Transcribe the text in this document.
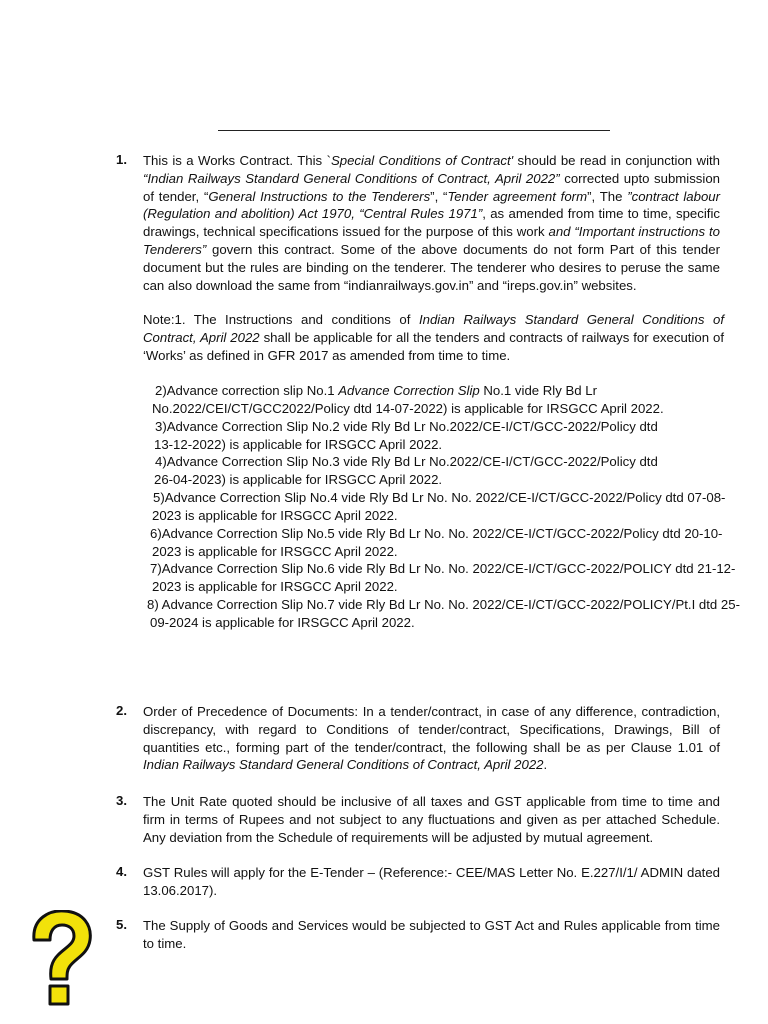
1. This is a Works Contract. This `Special Conditions of Contract' should be read in conjunction with “Indian Railways Standard General Conditions of Contract, April 2022” corrected upto submission of tender, “General Instructions to the Tenderers”, “Tender agreement form”, The ”contract labour (Regulation and abolition) Act 1970, “Central Rules 1971”, as amended from time to time, specific drawings, technical specifications issued for the purpose of this work and “Important instructions to Tenderers” govern this contract. Some of the above documents do not form Part of this tender document but the rules are binding on the tenderer. The tenderer who desires to peruse the same can also download the same from “indianrailways.gov.in” and “ireps.gov.in” websites.
Note:1. The Instructions and conditions of Indian Railways Standard General Conditions of Contract, April 2022 shall be applicable for all the tenders and contracts of railways for execution of ‘Works’ as defined in GFR 2017 as amended from time to time.
2)Advance correction slip No.1 Advance Correction Slip No.1 vide Rly Bd Lr
No.2022/CEI/CT/GCC2022/Policy dtd 14-07-2022) is applicable for IRSGCC April 2022.
3)Advance Correction Slip No.2 vide Rly Bd Lr No.2022/CE-I/CT/GCC-2022/Policy dtd
13-12-2022) is applicable for IRSGCC April 2022.
4)Advance Correction Slip No.3 vide Rly Bd Lr No.2022/CE-I/CT/GCC-2022/Policy dtd
26-04-2023) is applicable for IRSGCC April 2022.
5)Advance Correction Slip No.4 vide Rly Bd Lr No. No. 2022/CE-I/CT/GCC-2022/Policy dtd 07-08-
2023 is applicable for IRSGCC April 2022.
6)Advance Correction Slip No.5 vide Rly Bd Lr No. No. 2022/CE-I/CT/GCC-2022/Policy dtd 20-10-
2023 is applicable for IRSGCC April 2022.
7)Advance Correction Slip No.6 vide Rly Bd Lr No. No. 2022/CE-I/CT/GCC-2022/POLICY dtd 21-12-
2023 is applicable for IRSGCC April 2022.
8) Advance Correction Slip No.7 vide Rly Bd Lr No. No. 2022/CE-I/CT/GCC-2022/POLICY/Pt.I dtd 25-
09-2024 is applicable for IRSGCC April 2022.
2. Order of Precedence of Documents: In a tender/contract, in case of any difference, contradiction, discrepancy, with regard to Conditions of tender/contract, Specifications, Drawings, Bill of quantities etc., forming part of the tender/contract, the following shall be as per Clause 1.01 of Indian Railways Standard General Conditions of Contract, April 2022.
3. The Unit Rate quoted should be inclusive of all taxes and GST applicable from time to time and firm in terms of Rupees and not subject to any fluctuations and given as per attached Schedule. Any deviation from the Schedule of requirements will be adjusted by mutual agreement.
4. GST Rules will apply for the E-Tender – (Reference:- CEE/MAS Letter No. E.227/I/1/ ADMIN dated 13.06.2017).
5. The Supply of Goods and Services would be subjected to GST Act and Rules applicable from time to time.
